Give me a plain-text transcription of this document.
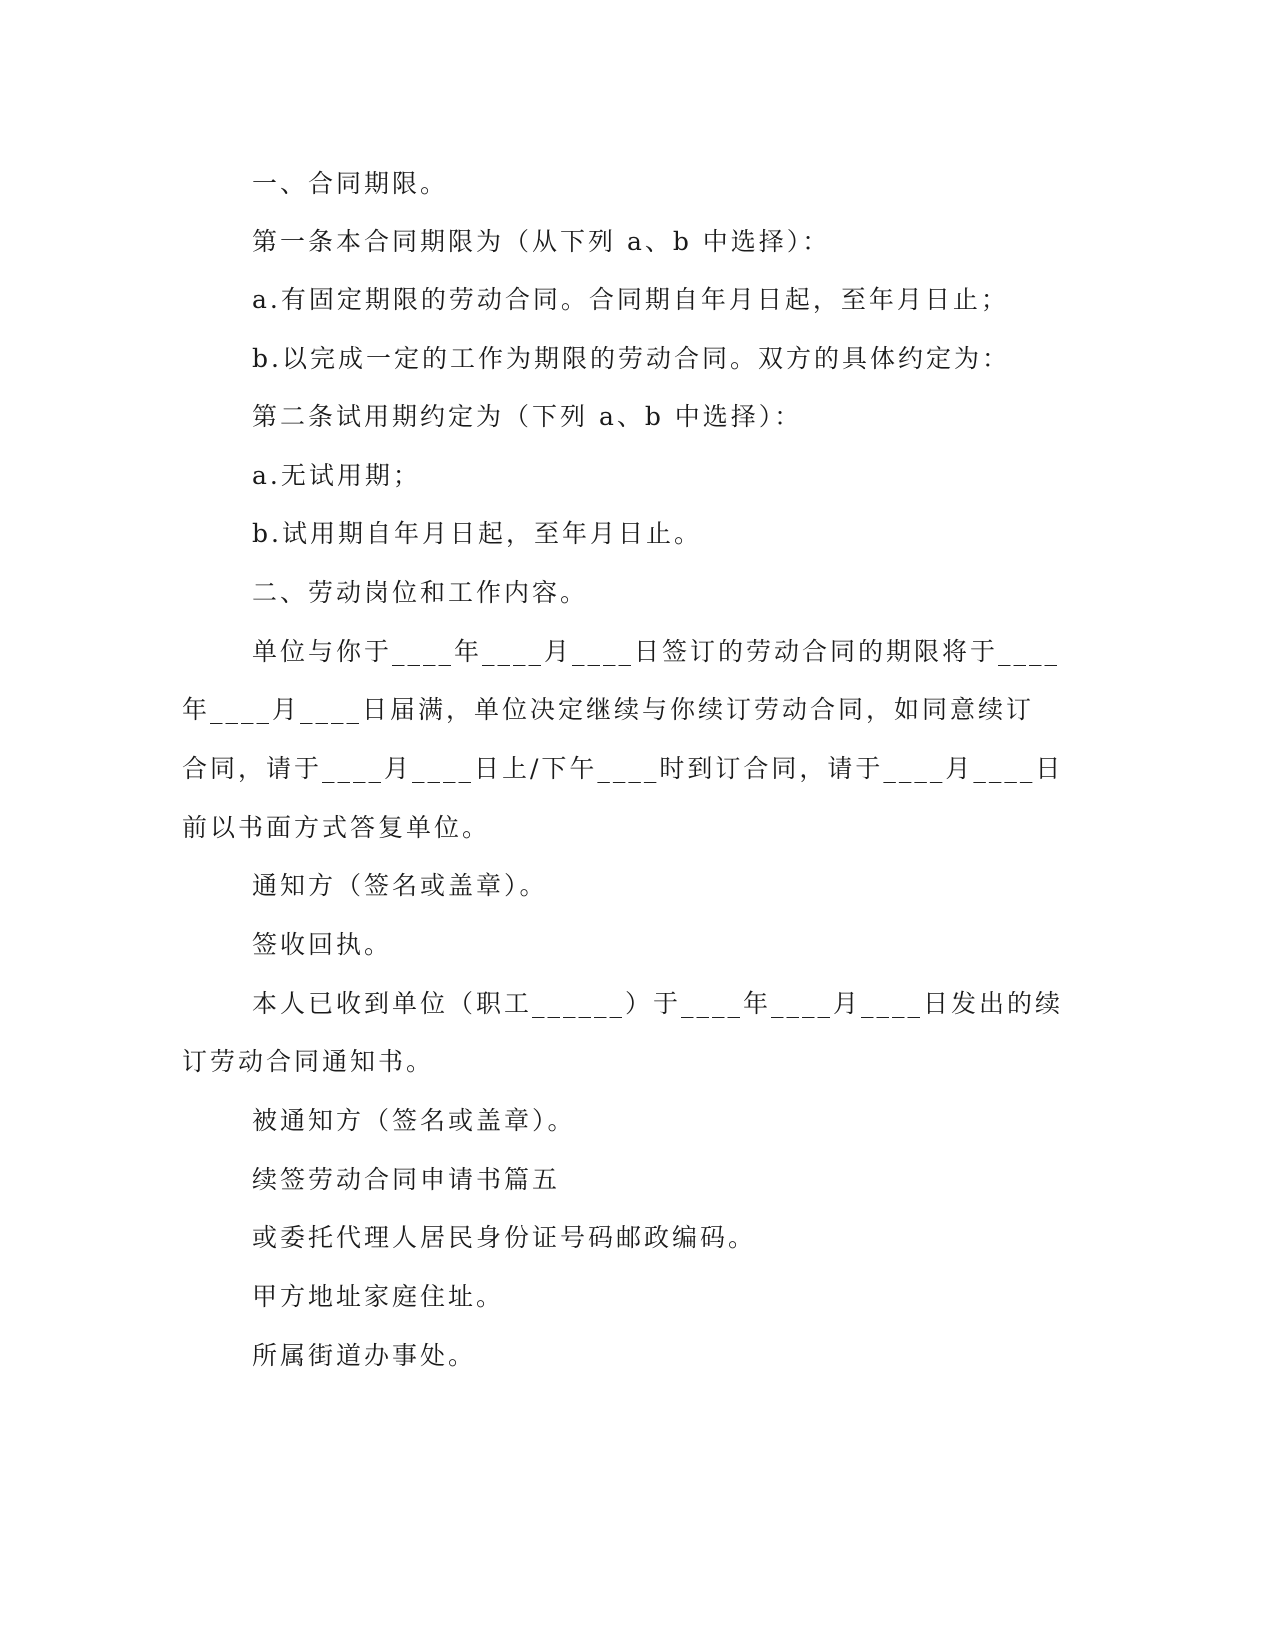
一、合同期限。

第一条本合同期限为（从下列 a、b 中选择）：

a.有固定期限的劳动合同。合同期自年月日起，至年月日止；

b.以完成一定的工作为期限的劳动合同。双方的具体约定为：

第二条试用期约定为（下列 a、b 中选择）：

a.无试用期；

b.试用期自年月日起，至年月日止。

二、劳动岗位和工作内容。

单位与你于____年____月____日签订的劳动合同的期限将于____

年____月____日届满，单位决定继续与你续订劳动合同，如同意续订

合同，请于____月____日上/下午____时到订合同，请于____月____日

前以书面方式答复单位。

通知方（签名或盖章）。

签收回执。

本人已收到单位（职工______）于____年____月____日发出的续

订劳动合同通知书。

被通知方（签名或盖章）。

续签劳动合同申请书篇五

或委托代理人居民身份证号码邮政编码。

甲方地址家庭住址。

所属街道办事处。
